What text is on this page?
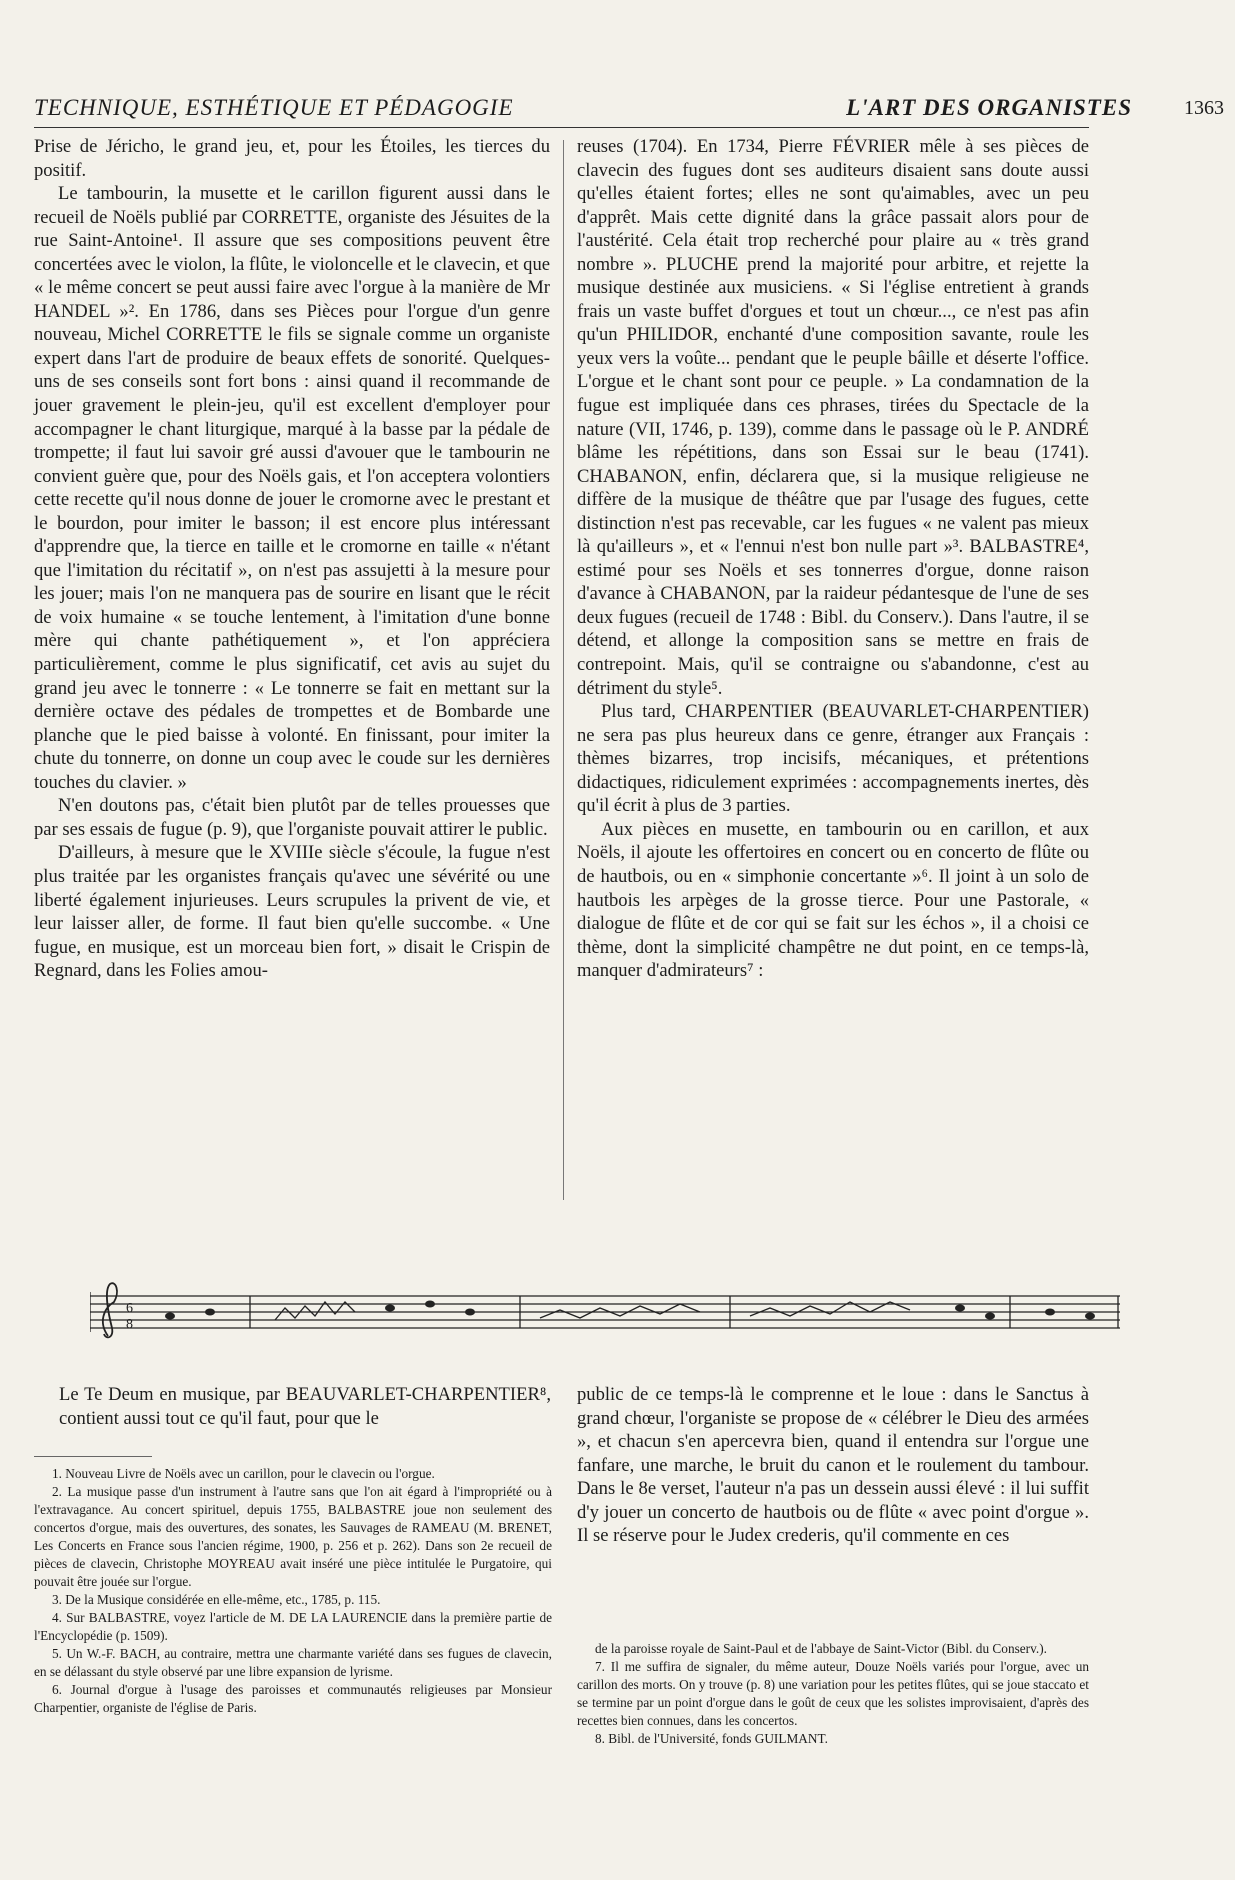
TECHNIQUE, ESTHÉTIQUE ET PÉDAGOGIE	L'ART DES ORGANISTES	1363

Prise de Jéricho, le grand jeu, et, pour les Étoiles, les tierces du positif.

Le tambourin, la musette et le carillon figurent aussi dans le recueil de Noëls publié par CORRETTE, organiste des Jésuites de la rue Saint-Antoine¹. Il assure que ses compositions peuvent être concertées avec le violon, la flûte, le violoncelle et le clavecin, et que « le même concert se peut aussi faire avec l'orgue à la manière de Mr HANDEL »². En 1786, dans ses Pièces pour l'orgue d'un genre nouveau, Michel CORRETTE le fils se signale comme un organiste expert dans l'art de produire de beaux effets de sonorité. Quelques-uns de ses conseils sont fort bons : ainsi quand il recommande de jouer gravement le plein-jeu, qu'il est excellent d'employer pour accompagner le chant liturgique, marqué à la basse par la pédale de trompette; il faut lui savoir gré aussi d'avouer que le tambourin ne convient guère que, pour des Noëls gais, et l'on acceptera volontiers cette recette qu'il nous donne de jouer le cromorne avec le prestant et le bourdon, pour imiter le basson; il est encore plus intéressant d'apprendre que, la tierce en taille et le cromorne en taille « n'étant que l'imitation du récitatif », on n'est pas assujetti à la mesure pour les jouer; mais l'on ne manquera pas de sourire en lisant que le récit de voix humaine « se touche lentement, à l'imitation d'une bonne mère qui chante pathétiquement », et l'on appréciera particulièrement, comme le plus significatif, cet avis au sujet du grand jeu avec le tonnerre : « Le tonnerre se fait en mettant sur la dernière octave des pédales de trompettes et de Bombarde une planche que le pied baisse à volonté. En finissant, pour imiter la chute du tonnerre, on donne un coup avec le coude sur les dernières touches du clavier. »

N'en doutons pas, c'était bien plutôt par de telles prouesses que par ses essais de fugue (p. 9), que l'organiste pouvait attirer le public.

D'ailleurs, à mesure que le XVIIIe siècle s'écoule, la fugue n'est plus traitée par les organistes français qu'avec une sévérité ou une liberté également injurieuses. Leurs scrupules la privent de vie, et leur laisser aller, de forme. Il faut bien qu'elle succombe. « Une fugue, en musique, est un morceau bien fort, » disait le Crispin de Regnard, dans les Folies amou-

reuses (1704). En 1734, Pierre FÉVRIER mêle à ses pièces de clavecin des fugues dont ses auditeurs disaient sans doute aussi qu'elles étaient fortes; elles ne sont qu'aimables, avec un peu d'apprêt. Mais cette dignité dans la grâce passait alors pour de l'austérité. Cela était trop recherché pour plaire au « très grand nombre ». PLUCHE prend la majorité pour arbitre, et rejette la musique destinée aux musiciens. « Si l'église entretient à grands frais un vaste buffet d'orgues et tout un chœur..., ce n'est pas afin qu'un PHILIDOR, enchanté d'une composition savante, roule les yeux vers la voûte... pendant que le peuple bâille et déserte l'office. L'orgue et le chant sont pour ce peuple. » La condamnation de la fugue est impliquée dans ces phrases, tirées du Spectacle de la nature (VII, 1746, p. 139), comme dans le passage où le P. ANDRÉ blâme les répétitions, dans son Essai sur le beau (1741). CHABANON, enfin, déclarera que, si la musique religieuse ne diffère de la musique de théâtre que par l'usage des fugues, cette distinction n'est pas recevable, car les fugues « ne valent pas mieux là qu'ailleurs », et « l'ennui n'est bon nulle part »³. BALBASTRE⁴, estimé pour ses Noëls et ses tonnerres d'orgue, donne raison d'avance à CHABANON, par la raideur pédantesque de l'une de ses deux fugues (recueil de 1748 : Bibl. du Conserv.). Dans l'autre, il se détend, et allonge la composition sans se mettre en frais de contrepoint. Mais, qu'il se contraigne ou s'abandonne, c'est au détriment du style⁵.

Plus tard, CHARPENTIER (BEAUVARLET-CHARPENTIER) ne sera pas plus heureux dans ce genre, étranger aux Français : thèmes bizarres, trop incisifs, mécaniques, et prétentions didactiques, ridiculement exprimées : accompagnements inertes, dès qu'il écrit à plus de 3 parties.

Aux pièces en musette, en tambourin ou en carillon, et aux Noëls, il ajoute les offertoires en concert ou en concerto de flûte ou de hautbois, ou en « simphonie concertante »⁶. Il joint à un solo de hautbois les arpèges de la grosse tierce. Pour une Pastorale, « dialogue de flûte et de cor qui se fait sur les échos », il a choisi ce thème, dont la simplicité champêtre ne dut point, en ce temps-là, manquer d'admirateurs⁷ :

6
8

Le Te Deum en musique, par BEAUVARLET-CHARPENTIER⁸, contient aussi tout ce qu'il faut, pour que le

public de ce temps-là le comprenne et le loue : dans le Sanctus à grand chœur, l'organiste se propose de « célébrer le Dieu des armées », et chacun s'en apercevra bien, quand il entendra sur l'orgue une fanfare, une marche, le bruit du canon et le roulement du tambour. Dans le 8e verset, l'auteur n'a pas un dessein aussi élevé : il lui suffit d'y jouer un concerto de hautbois ou de flûte « avec point d'orgue ». Il se réserve pour le Judex crederis, qu'il commente en ces

1. Nouveau Livre de Noëls avec un carillon, pour le clavecin ou l'orgue.

2. La musique passe d'un instrument à l'autre sans que l'on ait égard à l'impropriété ou à l'extravagance. Au concert spirituel, depuis 1755, BALBASTRE joue non seulement des concertos d'orgue, mais des ouvertures, des sonates, les Sauvages de RAMEAU (M. BRENET, Les Concerts en France sous l'ancien régime, 1900, p. 256 et p. 262). Dans son 2e recueil de pièces de clavecin, Christophe MOYREAU avait inséré une pièce intitulée le Purgatoire, qui pouvait être jouée sur l'orgue.

3. De la Musique considérée en elle-même, etc., 1785, p. 115.

4. Sur BALBASTRE, voyez l'article de M. DE LA LAURENCIE dans la première partie de l'Encyclopédie (p. 1509).

5. Un W.-F. BACH, au contraire, mettra une charmante variété dans ses fugues de clavecin, en se délassant du style observé par une libre expansion de lyrisme.

6. Journal d'orgue à l'usage des paroisses et communautés religieuses par Monsieur Charpentier, organiste de l'église de Paris.

de la paroisse royale de Saint-Paul et de l'abbaye de Saint-Victor (Bibl. du Conserv.).

7. Il me suffira de signaler, du même auteur, Douze Noëls variés pour l'orgue, avec un carillon des morts. On y trouve (p. 8) une variation pour les petites flûtes, qui se joue staccato et se termine par un point d'orgue dans le goût de ceux que les solistes improvisaient, d'après des recettes bien connues, dans les concertos.

8. Bibl. de l'Université, fonds GUILMANT.
